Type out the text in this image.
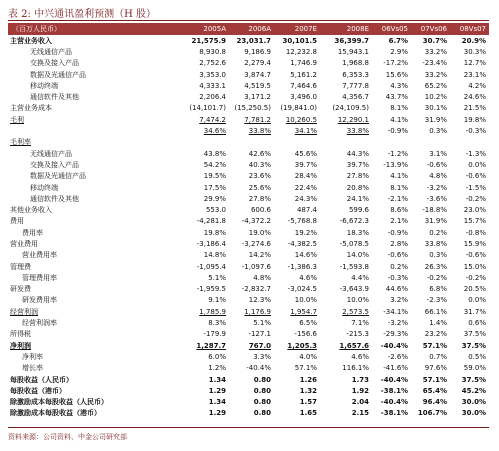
表 2: 中兴通讯盈利预测（H 股）
（百万人民币）	2005A	2006A	2007E	2008E	06Vs05	07Vs06	08Vs07
主营业务收入	21,575.9	23,031.7	30,101.5	36,399.7	6.7%	30.7%	20.9%
无线通信产品	8,930.8	9,186.9	12,232.8	15,943.1	2.9%	33.2%	30.3%
交换及接入产品	2,752.6	2,279.4	1,746.9	1,968.8	-17.2%	-23.4%	12.7%
数据及光通信产品	3,353.0	3,874.7	5,161.2	6,353.3	15.6%	33.2%	23.1%
移动终端	4,333.1	4,519.5	7,464.6	7,777.8	4.3%	65.2%	4.2%
通信软件及其他	2,206.4	3,171.2	3,496.0	4,356.7	43.7%	10.2%	24.6%
主营业务成本	(14,101.7)	(15,250.5)	(19,841.0)	(24,109.5)	8.1%	30.1%	21.5%
毛利	7,474.2	7,781.2	10,260.5	12,290.1	4.1%	31.9%	19.8%
	34.6%	33.8%	34.1%	33.8%	-0.9%	0.3%	-0.3%
毛利率							
无线通信产品	43.8%	42.6%	45.6%	44.3%	-1.2%	3.1%	-1.3%
交换及接入产品	54.2%	40.3%	39.7%	39.7%	-13.9%	-0.6%	0.0%
数据及光通信产品	19.5%	23.6%	28.4%	27.8%	4.1%	4.8%	-0.6%
移动终端	17.5%	25.6%	22.4%	20.8%	8.1%	-3.2%	-1.5%
通信软件及其他	29.9%	27.8%	24.3%	24.1%	-2.1%	-3.6%	-0.2%
其他业务收入	553.0	600.6	487.4	599.6	8.6%	-18.8%	23.0%
费用	-4,281.8	-4,372.2	-5,768.8	-6,672.3	2.1%	31.9%	15.7%
费用率	19.8%	19.0%	19.2%	18.3%	-0.9%	0.2%	-0.8%
营业费用	-3,186.4	-3,274.6	-4,382.5	-5,078.5	2.8%	33.8%	15.9%
营业费用率	14.8%	14.2%	14.6%	14.0%	-0.6%	0.3%	-0.6%
管理费	-1,095.4	-1,097.6	-1,386.3	-1,593.8	0.2%	26.3%	15.0%
管理费用率	5.1%	4.8%	4.6%	4.4%	-0.3%	-0.2%	-0.2%
研发费	-1,959.5	-2,832.7	-3,024.5	-3,643.9	44.6%	6.8%	20.5%
研发费用率	9.1%	12.3%	10.0%	10.0%	3.2%	-2.3%	0.0%
经营利润	1,785.9	1,176.9	1,954.7	2,573.5	-34.1%	66.1%	31.7%
经营利润率	8.3%	5.1%	6.5%	7.1%	-3.2%	1.4%	0.6%
所得税	-179.9	-127.1	-156.6	-215.3	-29.3%	23.2%	37.5%
净利润	1,287.7	767.0	1,205.3	1,657.6	-40.4%	57.1%	37.5%
净利率	6.0%	3.3%	4.0%	4.6%	-2.6%	0.7%	0.5%
增长率	1.2%	-40.4%	57.1%	116.1%	-41.6%	97.6%	59.0%
每股收益（人民币）	1.34	0.80	1.26	1.73	-40.4%	57.1%	37.5%
每股收益（港币）	1.29	0.80	1.32	1.92	-38.1%	65.4%	45.2%
除激励成本每股收益（人民币）	1.34	0.80	1.57	2.04	-40.4%	96.4%	30.0%
除激励成本每股收益（港币）	1.29	0.80	1.65	2.15	-38.1%	106.7%	30.0%
资料来源：公司资料，中金公司研究部
